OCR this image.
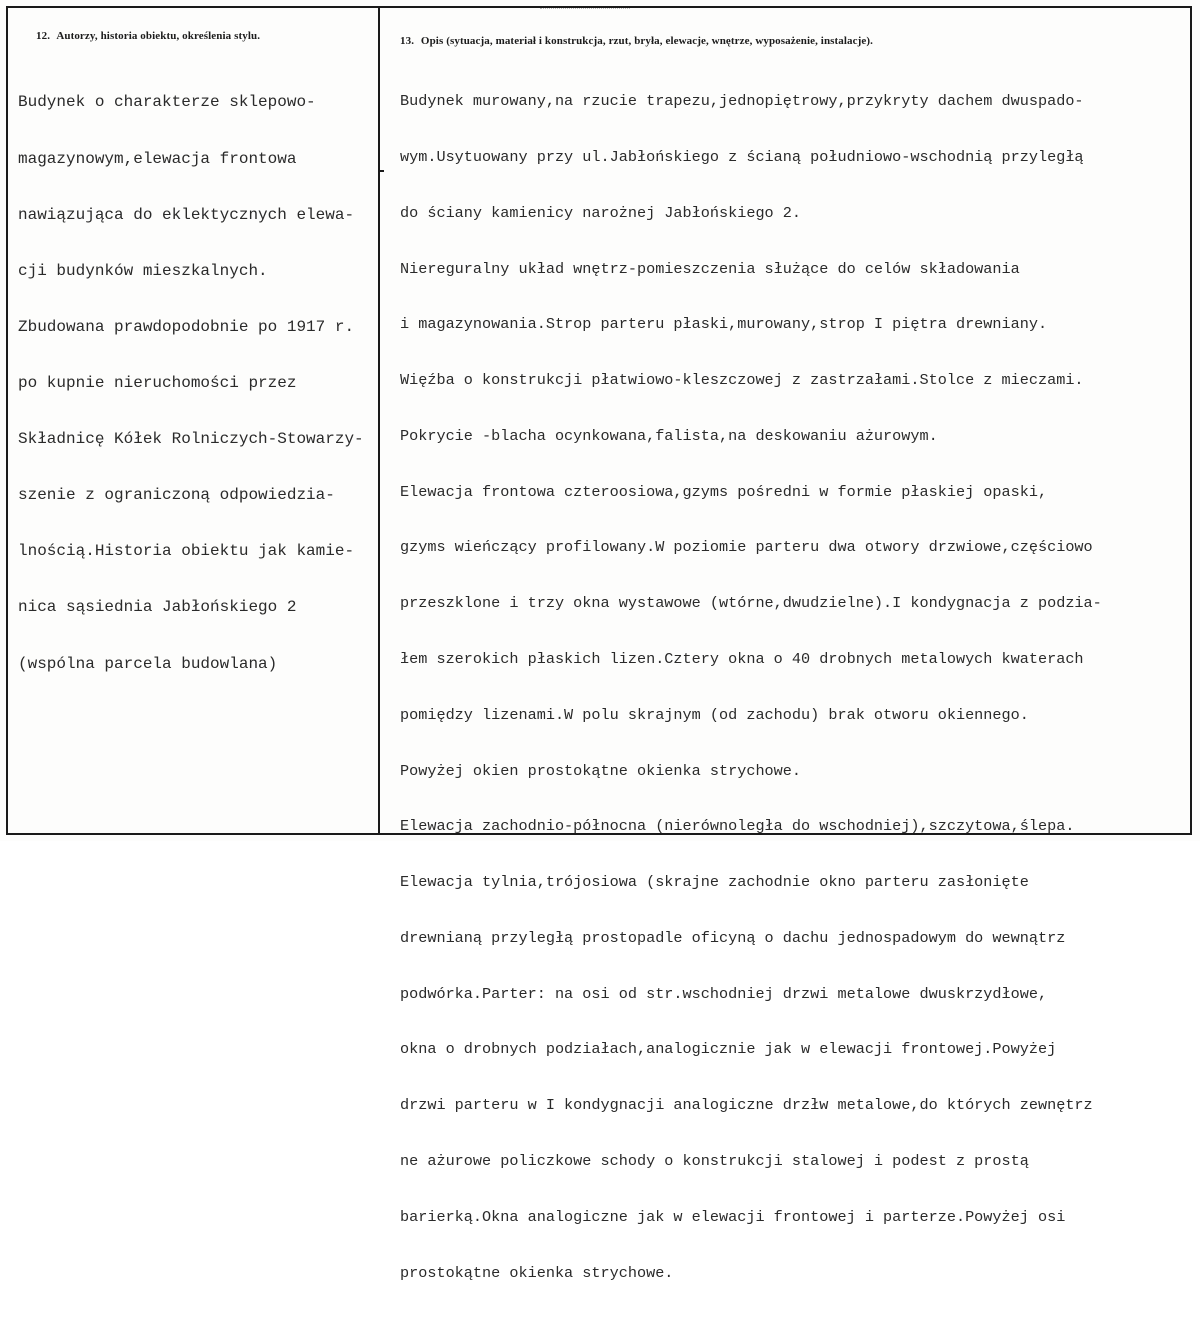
12. Autorzy, historia obiektu, określenia stylu.	13. Opis (sytuacja, materiał i konstrukcja, rzut, bryła, elewacje, wnętrze, wyposażenie, instalacje).

Budynek o charakterze sklepowo-

magazynowym,elewacja frontowa

nawiązująca do eklektycznych elewa-

cji budynków mieszkalnych.

Zbudowana prawdopodobnie po 1917 r.

po kupnie nieruchomości przez

Składnicę Kółek Rolniczych-Stowarzy-

szenie z ograniczoną odpowiedzia-

lnością.Historia obiektu jak kamie-

nica sąsiednia Jabłońskiego 2

(wspólna parcela budowlana)

Budynek murowany,na rzucie trapezu,jednopiętrowy,przykryty dachem dwuspado-

wym.Usytuowany przy ul.Jabłońskiego z ścianą południowo-wschodnią przyległą

do ściany kamienicy narożnej Jabłońskiego 2.

Niereguralny układ wnętrz-pomieszczenia służące do celów składowania

i magazynowania.Strop parteru płaski,murowany,strop I piętra drewniany.

Więźba o konstrukcji płatwiowo-kleszczowej z zastrzałami.Stolce z mieczami.

Pokrycie -blacha ocynkowana,falista,na deskowaniu ażurowym.

Elewacja frontowa czteroosiowa,gzyms pośredni w formie płaskiej opaski,

gzyms wieńczący profilowany.W poziomie parteru dwa otwory drzwiowe,częściowo

przeszklone i trzy okna wystawowe (wtórne,dwudzielne).I kondygnacja z podzia-

łem szerokich płaskich lizen.Cztery okna o 40 drobnych metalowych kwaterach

pomiędzy lizenami.W polu skrajnym (od zachodu) brak otworu okiennego.

Powyżej okien prostokątne okienka strychowe.

Elewacja zachodnio-północna (nierównoległa do wschodniej),szczytowa,ślepa.

Elewacja tylnia,trójosiowa (skrajne zachodnie okno parteru zasłonięte

drewnianą przyległą prostopadle oficyną o dachu jednospadowym do wewnątrz

podwórka.Parter: na osi od str.wschodniej drzwi metalowe dwuskrzydłowe,

okna o drobnych podziałach,analogicznie jak w elewacji frontowej.Powyżej

drzwi parteru w I kondygnacji analogiczne drzłw metalowe,do których zewnętrz

ne ażurowe policzkowe schody o konstrukcji stalowej i podest z prostą

barierką.Okna analogiczne jak w elewacji frontowej i parterze.Powyżej osi

prostokątne okienka strychowe.
